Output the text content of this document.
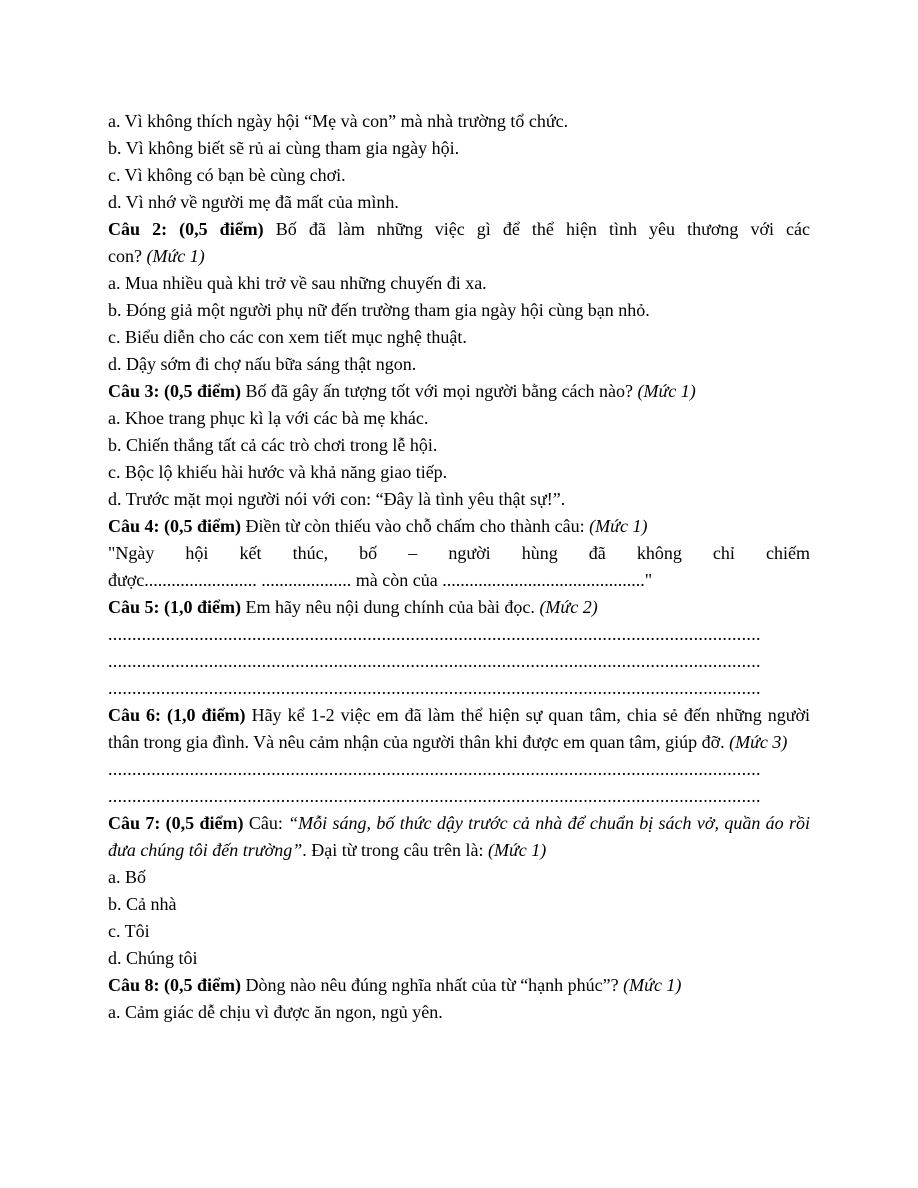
a. Vì không thích ngày hội “Mẹ và con” mà nhà trường tổ chức.
b. Vì không biết sẽ rủ ai cùng tham gia ngày hội.
c. Vì không có bạn bè cùng chơi.
d. Vì nhớ về người mẹ đã mất của mình.
Câu 2: (0,5 điểm) Bố đã làm những việc gì để thể hiện tình yêu thương với các
con? (Mức 1)
a. Mua nhiều quà khi trở về sau những chuyến đi xa.
b. Đóng giả một người phụ nữ đến trường tham gia ngày hội cùng bạn nhỏ.
c. Biểu diễn cho các con xem tiết mục nghệ thuật.
d. Dậy sớm đi chợ nấu bữa sáng thật ngon.
Câu 3: (0,5 điểm) Bố đã gây ấn tượng tốt với mọi người bằng cách nào? (Mức 1)
a. Khoe trang phục kì lạ với các bà mẹ khác.
b. Chiến thắng tất cả các trò chơi trong lễ hội.
c. Bộc lộ khiếu hài hước và khả năng giao tiếp.
d. Trước mặt mọi người nói với con: “Đây là tình yêu thật sự!”.
Câu 4: (0,5 điểm) Điền từ còn thiếu vào chỗ chấm cho thành câu: (Mức 1)
"Ngày hội kết thúc, bố – người hùng đã không chỉ chiếm
được......................... .................... mà còn của ............................................."
Câu 5: (1,0 điểm) Em hãy nêu nội dung chính của bài đọc. (Mức 2)
........................................................................................................................................
........................................................................................................................................
........................................................................................................................................
Câu 6: (1,0 điểm) Hãy kể 1-2 việc em đã làm thể hiện sự quan tâm, chia sẻ đến những người thân trong gia đình. Và nêu cảm nhận của người thân khi được em quan tâm, giúp đỡ. (Mức 3)
........................................................................................................................................
........................................................................................................................................
Câu 7: (0,5 điểm) Câu: “Mỗi sáng, bố thức dậy trước cả nhà để chuẩn bị sách vở, quần áo rồi đưa chúng tôi đến trường”. Đại từ trong câu trên là: (Mức 1)
a. Bố
b. Cả nhà
c. Tôi
d. Chúng tôi
Câu 8: (0,5 điểm) Dòng nào nêu đúng nghĩa nhất của từ “hạnh phúc”? (Mức 1)
a. Cảm giác dễ chịu vì được ăn ngon, ngủ yên.
